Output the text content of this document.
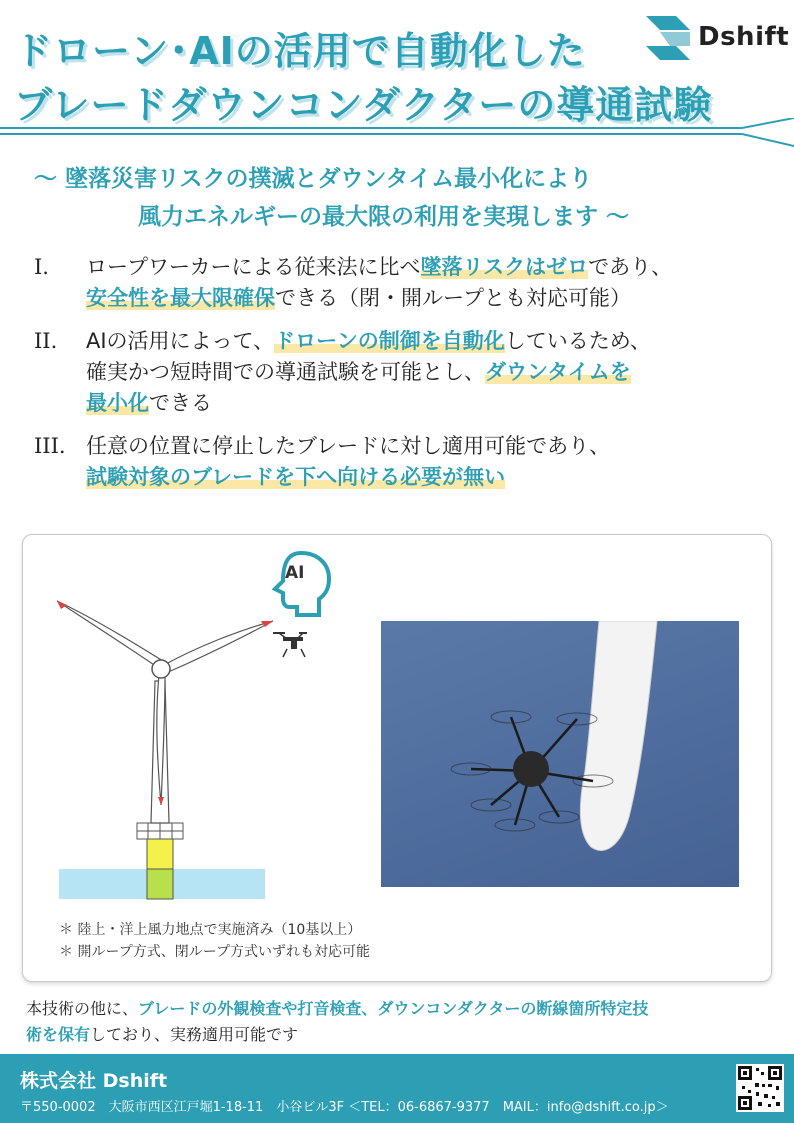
ドローン･AIの活用で自動化した
ブレードダウンコンダクターの導通試験
Dshift
～ 墜落災害リスクの撲滅とダウンタイム最小化により
風力エネルギーの最大限の利用を実現します ～
I. ロープワーカーによる従来法に比べ墜落リスクはゼロであり、
安全性を最大限確保できる（閉・開ループとも対応可能）
II. AIの活用によって、ドローンの制御を自動化しているため、
確実かつ短時間での導通試験を可能とし、ダウンタイムを
最小化できる
III. 任意の位置に停止したブレードに対し適用可能であり、
試験対象のブレードを下へ向ける必要が無い
AI
＊ 陸上・洋上風力地点で実施済み（10基以上）
＊ 開ループ方式、閉ループ方式いずれも対応可能
本技術の他に、ブレードの外観検査や打音検査、ダウンコンダクターの断線箇所特定技
術を保有しており、実務適用可能です
株式会社 Dshift
〒550-0002　大阪市西区江戸堀1-18-11　小谷ビル3F ＜TEL：06-6867-9377　MAIL：info@dshift.co.jp＞
